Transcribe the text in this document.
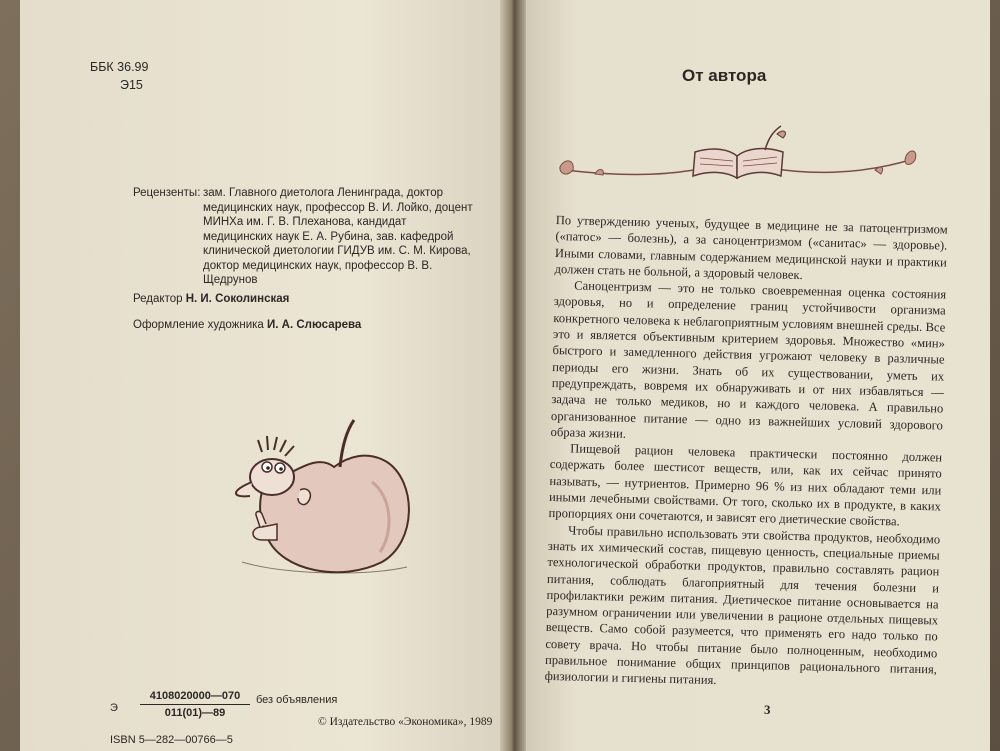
ББК 36.99
Э15
Рецензенты: зам. Главного диетолога Ленинграда, доктор медицинских наук, профессор В. И. Лойко, доцент МИНХа им. Г. В. Плеханова, кандидат медицинских наук Е. А. Рубина, зав. кафедрой клинической диетологии ГИДУВ им. С. М. Кирова, доктор медицинских наук, профессор В. В. Щедрунов
Редактор Н. И. Соколинская
Оформление художника И. А. Слюсарева
Э $\frac{4108020000—070}{011(01)—89}$ без объявления
© Издательство «Экономика», 1989
ISBN 5—282—00766—5
От автора

По утверждению ученых, будущее в медицине не за патоцентризмом («патос» — болезнь), а за саноцентризмом («санитас» — здоровье). Иными словами, главным содержанием медицинской науки и практики должен стать не больной, а здоровый человек.

Саноцентризм — это не только своевременная оценка состояния здоровья, но и определение границ устойчивости организма конкретного человека к неблагоприятным условиям внешней среды. Все это и является объективным критерием здоровья. Множество «мин» быстрого и замедленного действия угрожают человеку в различные периоды его жизни. Знать об их существовании, уметь их предупреждать, вовремя их обнаруживать и от них избавляться — задача не только медиков, но и каждого человека. А правильно организованное питание — одно из важнейших условий здорового образа жизни.

Пищевой рацион человека практически постоянно должен содержать более шестисот веществ, или, как их сейчас принято называть, — нутриентов. Примерно 96 % из них обладают теми или иными лечебными свойствами. От того, сколько их в продукте, в каких пропорциях они сочетаются, и зависят его диетические свойства.

Чтобы правильно использовать эти свойства продуктов, необходимо знать их химический состав, пищевую ценность, специальные приемы технологической обработки продуктов, правильно составлять рацион питания, соблюдать благоприятный для течения болезни и профилактики режим питания. Диетическое питание основывается на разумном ограничении или увеличении в рационе отдельных пищевых веществ. Само собой разумеется, что применять его надо только по совету врача. Но чтобы питание было полноценным, необходимо правильное понимание общих принципов рационального питания, физиологии и гигиены питания.

3
